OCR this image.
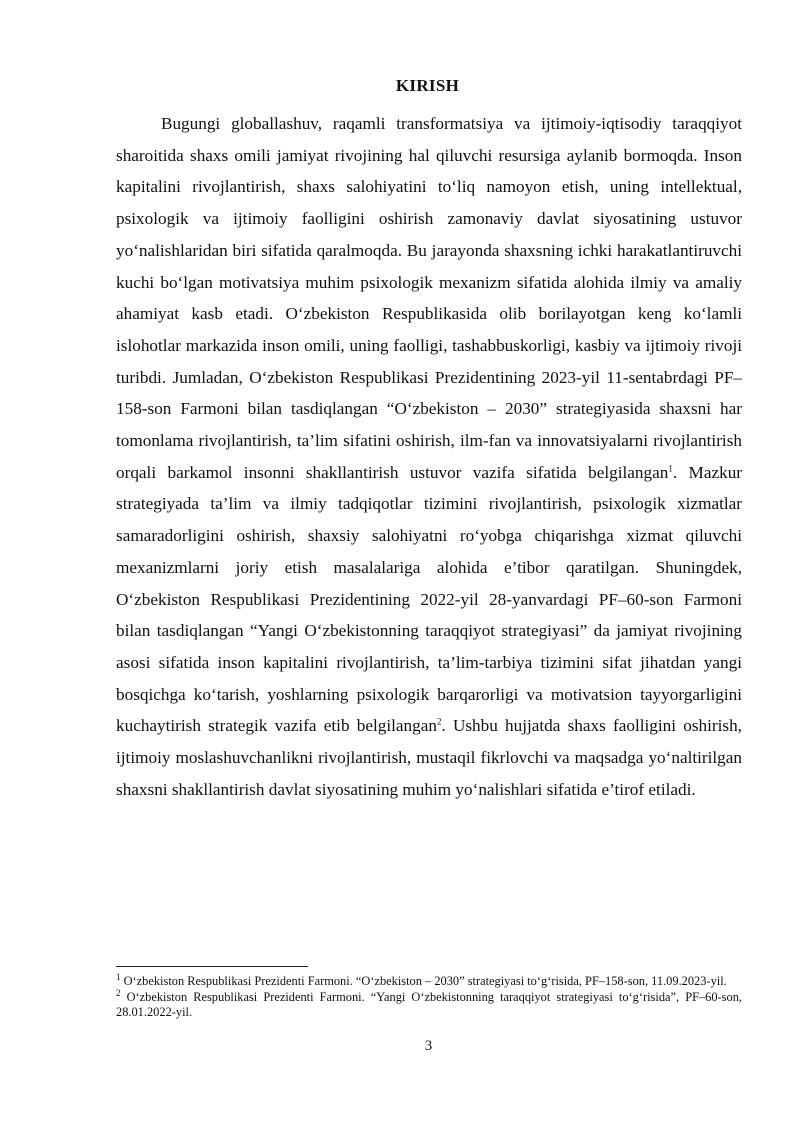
KIRISH

Bugungi globallashuv, raqamli transformatsiya va ijtimoiy-iqtisodiy taraqqiyot sharoitida shaxs omili jamiyat rivojining hal qiluvchi resursiga aylanib bormoqda. Inson kapitalini rivojlantirish, shaxs salohiyatini to‘liq namoyon etish, uning intellektual, psixologik va ijtimoiy faolligini oshirish zamonaviy davlat siyosatining ustuvor yo‘nalishlaridan biri sifatida qaralmoqda. Bu jarayonda shaxsning ichki harakatlantiruvchi kuchi bo‘lgan motivatsiya muhim psixologik mexanizm sifatida alohida ilmiy va amaliy ahamiyat kasb etadi. O‘zbekiston Respublikasida olib borilayotgan keng ko‘lamli islohotlar markazida inson omili, uning faolligi, tashabbuskorligi, kasbiy va ijtimoiy rivoji turibdi. Jumladan, O‘zbekiston Respublikasi Prezidentining 2023-yil 11-sentabrdagi PF–158-son Farmoni bilan tasdiqlangan “O‘zbekiston – 2030” strategiyasida shaxsni har tomonlama rivojlantirish, ta’lim sifatini oshirish, ilm-fan va innovatsiyalarni rivojlantirish orqali barkamol insonni shakllantirish ustuvor vazifa sifatida belgilangan$^1$. Mazkur strategiyada ta’lim va ilmiy tadqiqotlar tizimini rivojlantirish, psixologik xizmatlar samaradorligini oshirish, shaxsiy salohiyatni ro‘yobga chiqarishga xizmat qiluvchi mexanizmlarni joriy etish masalalariga alohida e’tibor qaratilgan. Shuningdek, O‘zbekiston Respublikasi Prezidentining 2022-yil 28-yanvardagi PF–60-son Farmoni bilan tasdiqlangan “Yangi O‘zbekistonning taraqqiyot strategiyasi” da jamiyat rivojining asosi sifatida inson kapitalini rivojlantirish, ta’lim-tarbiya tizimini sifat jihatdan yangi bosqichga ko‘tarish, yoshlarning psixologik barqarorligi va motivatsion tayyorgarligini kuchaytirish strategik vazifa etib belgilangan$^2$. Ushbu hujjatda shaxs faolligini oshirish, ijtimoiy moslashuvchanlikni rivojlantirish, mustaqil fikrlovchi va maqsadga yo‘naltirilgan shaxsni shakllantirish davlat siyosatining muhim yo‘nalishlari sifatida e’tirof etiladi.

$^1$ O‘zbekiston Respublikasi Prezidenti Farmoni. “O‘zbekiston – 2030” strategiyasi to‘g‘risida, PF–158-son, 11.09.2023-yil.

$^2$ O‘zbekiston Respublikasi Prezidenti Farmoni. “Yangi O‘zbekistonning taraqqiyot strategiyasi to‘g‘risida”, PF–60-son, 28.01.2022-yil.

3
